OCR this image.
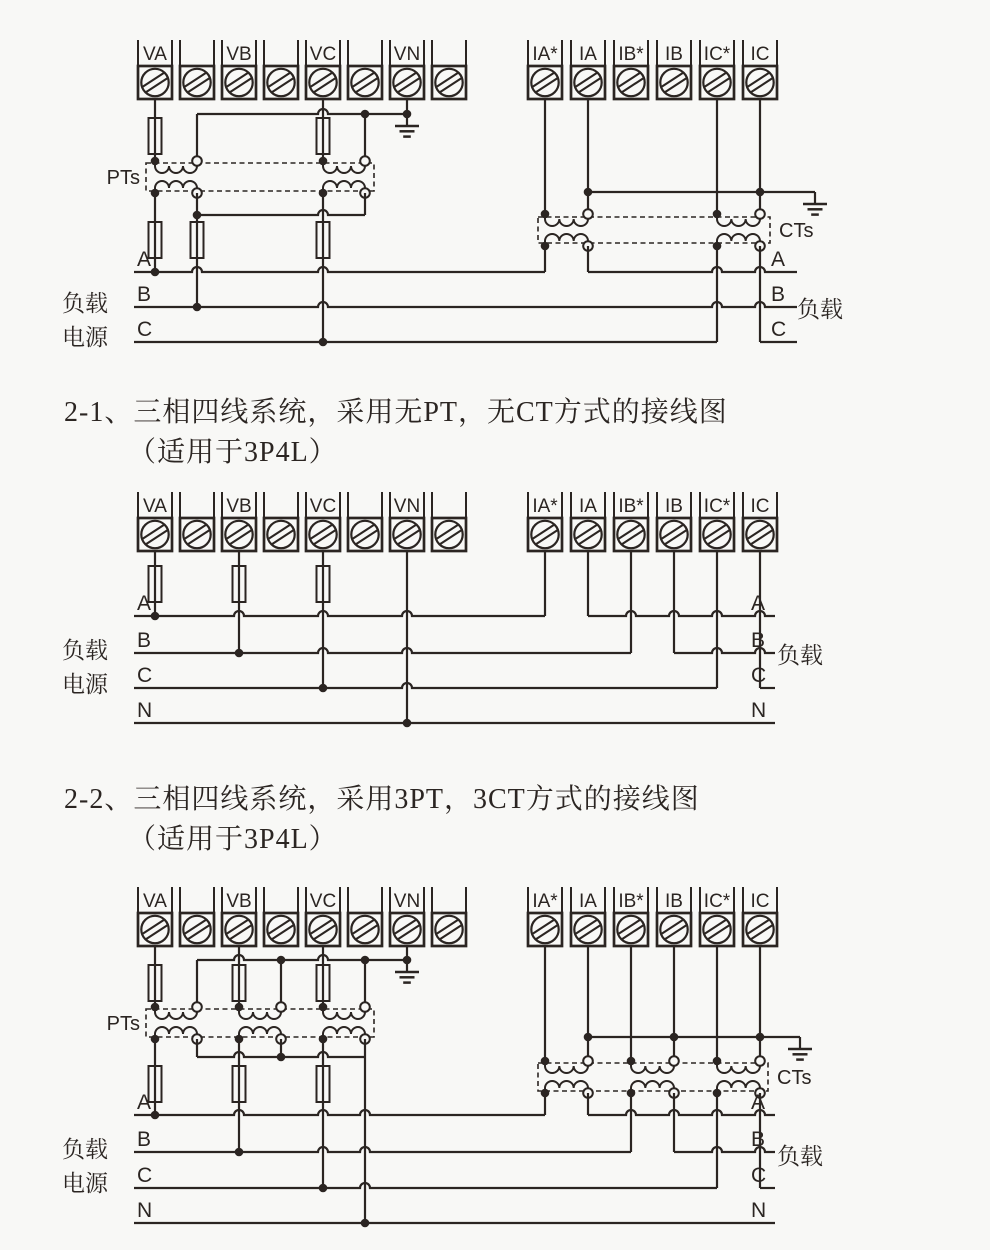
VA	VB	VC	VN	IA* IA IB* IB IC* IC
PTs
CTs
A
B
C
A
B
C
负载
电源
负载
VA	VB	VC	VN	IA* IA IB* IB IC* IC
A
B
C
N
A
B
C
N
负载
电源
负载
VA	VB	VC	VN	IA* IA IB* IB IC* IC
PTs
CTs
A
B
C
N
A
B
C
N
负载
电源
负载
2-1、三相四线系统，采用无PT，无CT方式的接线图
（适用于3P4L）
2-2、三相四线系统，采用3PT，3CT方式的接线图
（适用于3P4L）
